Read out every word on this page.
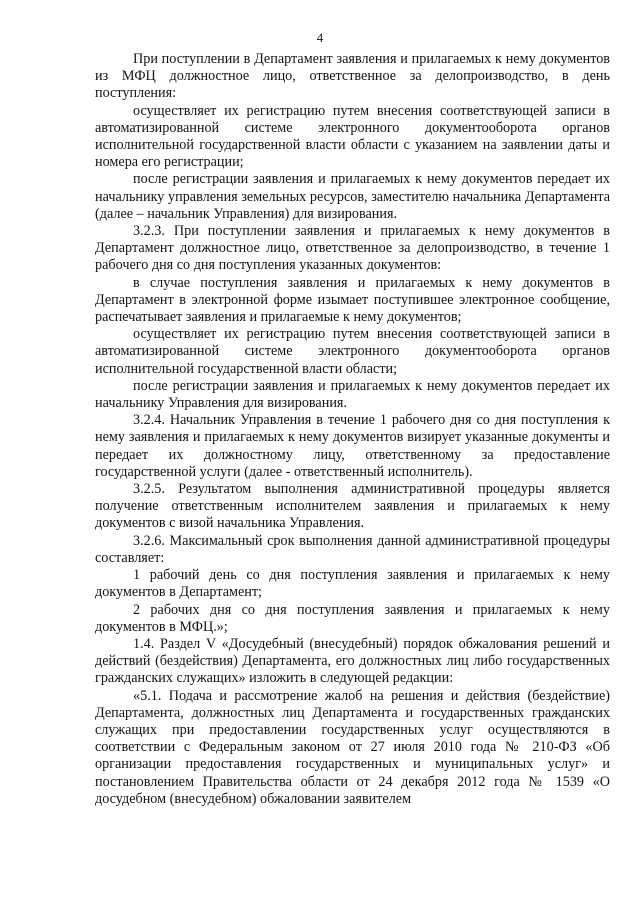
4

При поступлении в Департамент заявления и прилагаемых к нему документов из МФЦ должностное лицо, ответственное за делопроизводство, в день поступления:

осуществляет их регистрацию путем внесения соответствующей записи в автоматизированной системе электронного документооборота органов исполнительной государственной власти области с указанием на заявлении даты и номера его регистрации;

после регистрации заявления и прилагаемых к нему документов передает их начальнику управления земельных ресурсов, заместителю начальника Департамента (далее – начальник Управления) для визирования.

3.2.3. При поступлении заявления и прилагаемых к нему документов в Департамент должностное лицо, ответственное за делопроизводство, в течение 1 рабочего дня со дня поступления указанных документов:

в случае поступления заявления и прилагаемых к нему документов в Департамент в электронной форме изымает поступившее электронное сообщение, распечатывает заявления и прилагаемые к нему документов;

осуществляет их регистрацию путем внесения соответствующей записи в автоматизированной системе электронного документооборота органов исполнительной государственной власти области;

после регистрации заявления и прилагаемых к нему документов передает их начальнику Управления для визирования.

3.2.4. Начальник Управления в течение 1 рабочего дня со дня поступления к нему заявления и прилагаемых к нему документов визирует указанные документы и передает их должностному лицу, ответственному за предоставление государственной услуги (далее - ответственный исполнитель).

3.2.5. Результатом выполнения административной процедуры является получение ответственным исполнителем заявления и прилагаемых к нему документов с визой начальника Управления.

3.2.6. Максимальный срок выполнения данной административной процедуры составляет:

1 рабочий день со дня поступления заявления и прилагаемых к нему документов в Департамент;

2 рабочих дня со дня поступления заявления и прилагаемых к нему документов в МФЦ.»;

1.4. Раздел V «Досудебный (внесудебный) порядок обжалования решений и действий (бездействия) Департамента, его должностных лиц либо государственных гражданских служащих» изложить в следующей редакции:

«5.1. Подача и рассмотрение жалоб на решения и действия (бездействие) Департамента, должностных лиц Департамента и государственных гражданских служащих при предоставлении государственных услуг осуществляются в соответствии с Федеральным законом от 27 июля 2010 года № 210-ФЗ «Об организации предоставления государственных и муниципальных услуг» и постановлением Правительства области от 24 декабря 2012 года № 1539 «О досудебном (внесудебном) обжаловании заявителем
